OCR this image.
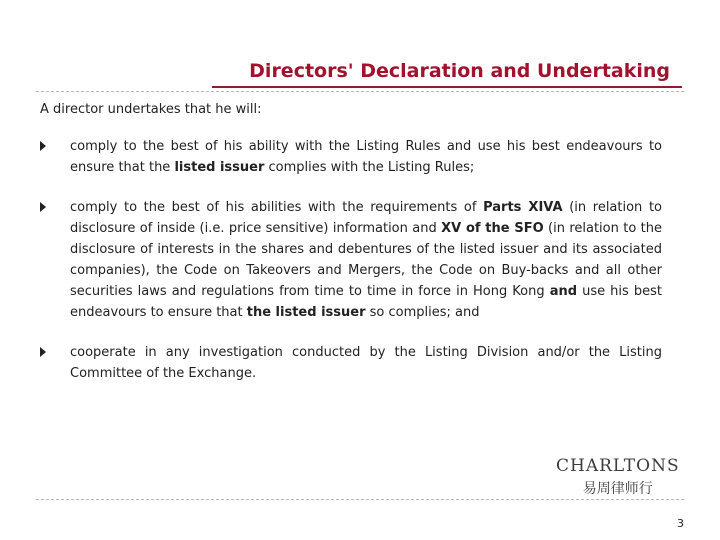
Directors' Declaration and Undertaking
A director undertakes that he will:
comply to the best of his ability with the Listing Rules and use his best endeavours to ensure that the listed issuer complies with the Listing Rules;
comply to the best of his abilities with the requirements of Parts XIVA (in relation to disclosure of inside (i.e. price sensitive) information and XV of the SFO (in relation to the disclosure of interests in the shares and debentures of the listed issuer and its associated companies), the Code on Takeovers and Mergers, the Code on Buy-backs and all other securities laws and regulations from time to time in force in Hong Kong and use his best endeavours to ensure that the listed issuer so complies; and
cooperate in any investigation conducted by the Listing Division and/or the Listing Committee of the Exchange.
CHARLTONS
易周律师行
3
